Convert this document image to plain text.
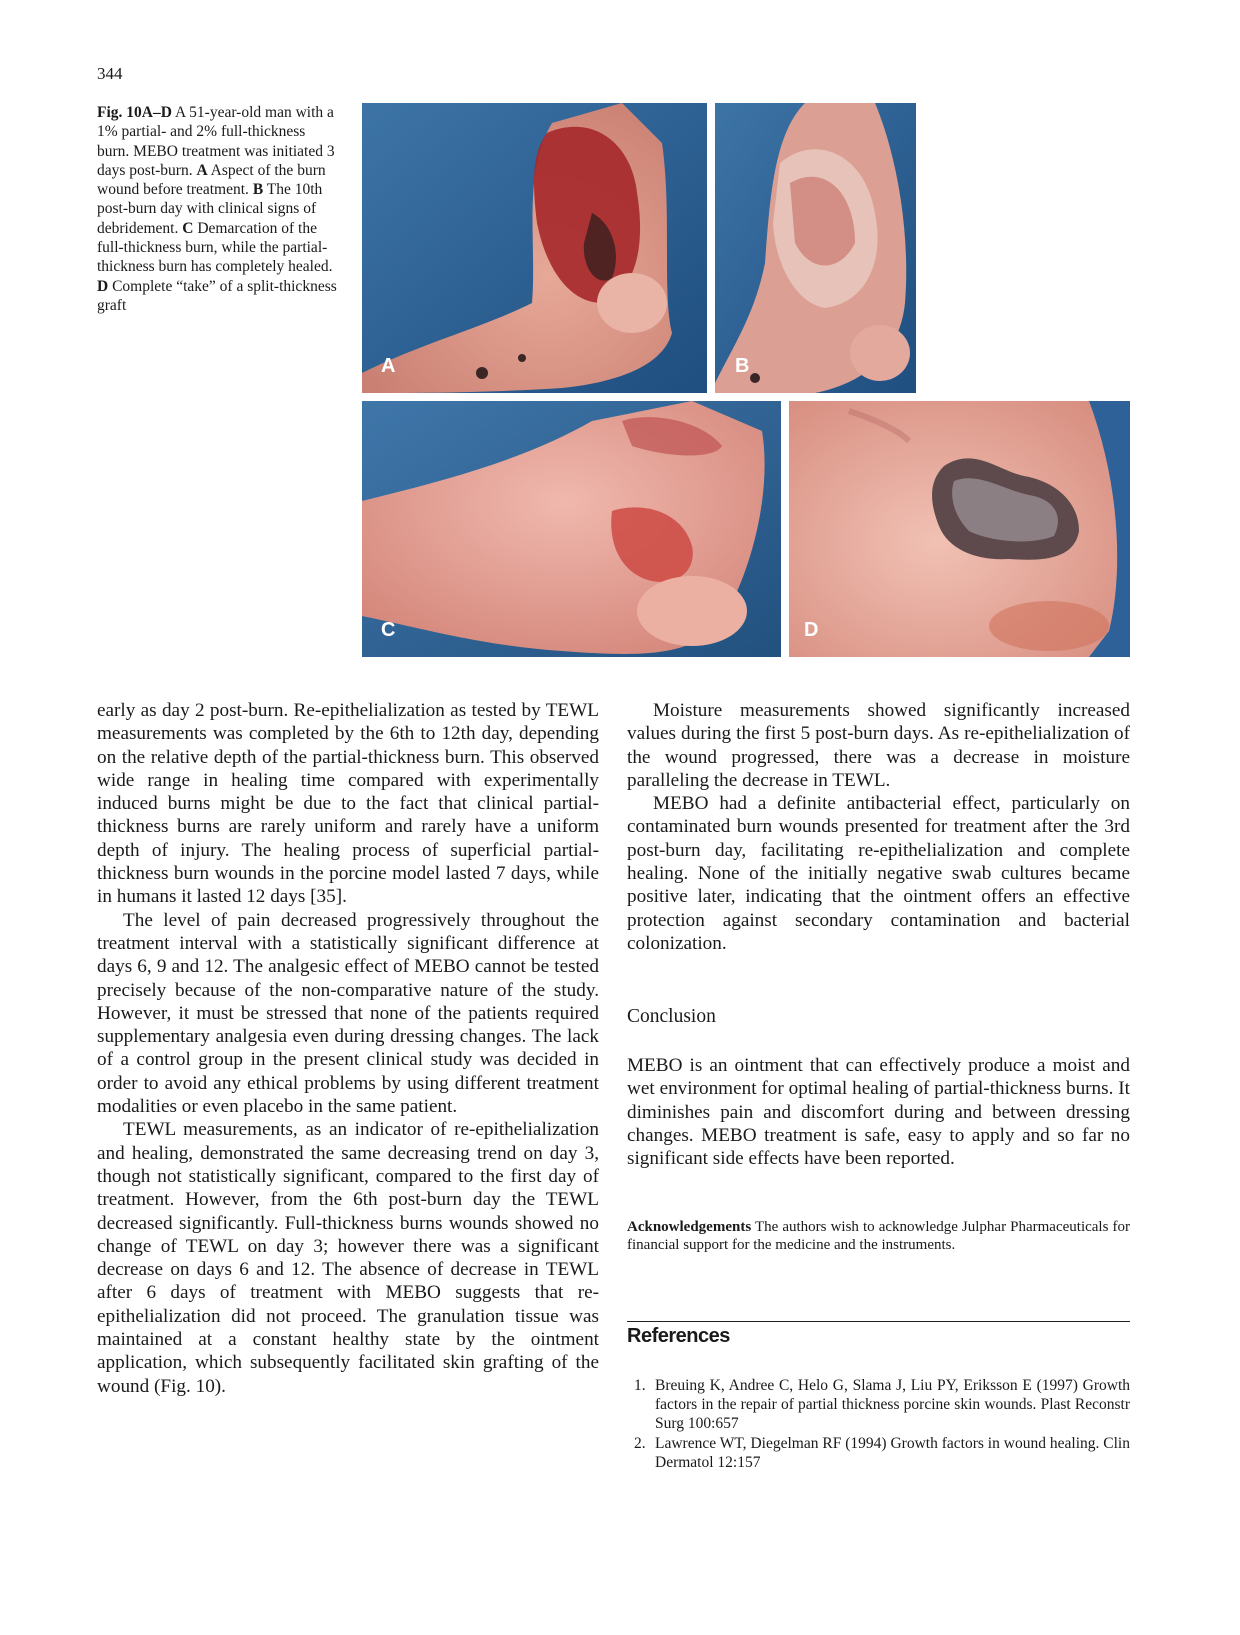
344
Fig. 10A–D A 51-year-old man with a 1% partial- and 2% full-thickness burn. MEBO treatment was initiated 3 days post-burn. A Aspect of the burn wound before treatment. B The 10th post-burn day with clinical signs of debridement. C Demarcation of the full-thickness burn, while the partial-thickness burn has completely healed. D Complete “take” of a split-thickness graft
A	B
C	D

early as day 2 post-burn. Re-epithelialization as tested by TEWL measurements was completed by the 6th to 12th day, depending on the relative depth of the partial-thickness burn. This observed wide range in healing time compared with experimentally induced burns might be due to the fact that clinical partial-thickness burns are rarely uniform and rarely have a uniform depth of injury. The healing process of superficial partial-thickness burn wounds in the porcine model lasted 7 days, while in humans it lasted 12 days [35].

The level of pain decreased progressively throughout the treatment interval with a statistically significant difference at days 6, 9 and 12. The analgesic effect of MEBO cannot be tested precisely because of the non-comparative nature of the study. However, it must be stressed that none of the patients required supplementary analgesia even during dressing changes. The lack of a control group in the present clinical study was decided in order to avoid any ethical problems by using different treatment modalities or even placebo in the same patient.

TEWL measurements, as an indicator of re-epithelialization and healing, demonstrated the same decreasing trend on day 3, though not statistically significant, compared to the first day of treatment. However, from the 6th post-burn day the TEWL decreased significantly. Full-thickness burns wounds showed no change of TEWL on day 3; however there was a significant decrease on days 6 and 12. The absence of decrease in TEWL after 6 days of treatment with MEBO suggests that re-epithelialization did not proceed. The granulation tissue was maintained at a constant healthy state by the ointment application, which subsequently facilitated skin grafting of the wound (Fig. 10).

Moisture measurements showed significantly increased values during the first 5 post-burn days. As re-epithelialization of the wound progressed, there was a decrease in moisture paralleling the decrease in TEWL.

MEBO had a definite antibacterial effect, particularly on contaminated burn wounds presented for treatment after the 3rd post-burn day, facilitating re-epithelialization and complete healing. None of the initially negative swab cultures became positive later, indicating that the ointment offers an effective protection against secondary contamination and bacterial colonization.

Conclusion

MEBO is an ointment that can effectively produce a moist and wet environment for optimal healing of partial-thickness burns. It diminishes pain and discomfort during and between dressing changes. MEBO treatment is safe, easy to apply and so far no significant side effects have been reported.

Acknowledgements The authors wish to acknowledge Julphar Pharmaceuticals for financial support for the medicine and the instruments.
References
1. Breuing K, Andree C, Helo G, Slama J, Liu PY, Eriksson E (1997) Growth factors in the repair of partial thickness porcine skin wounds. Plast Reconstr Surg 100:657
2. Lawrence WT, Diegelman RF (1994) Growth factors in wound healing. Clin Dermatol 12:157
